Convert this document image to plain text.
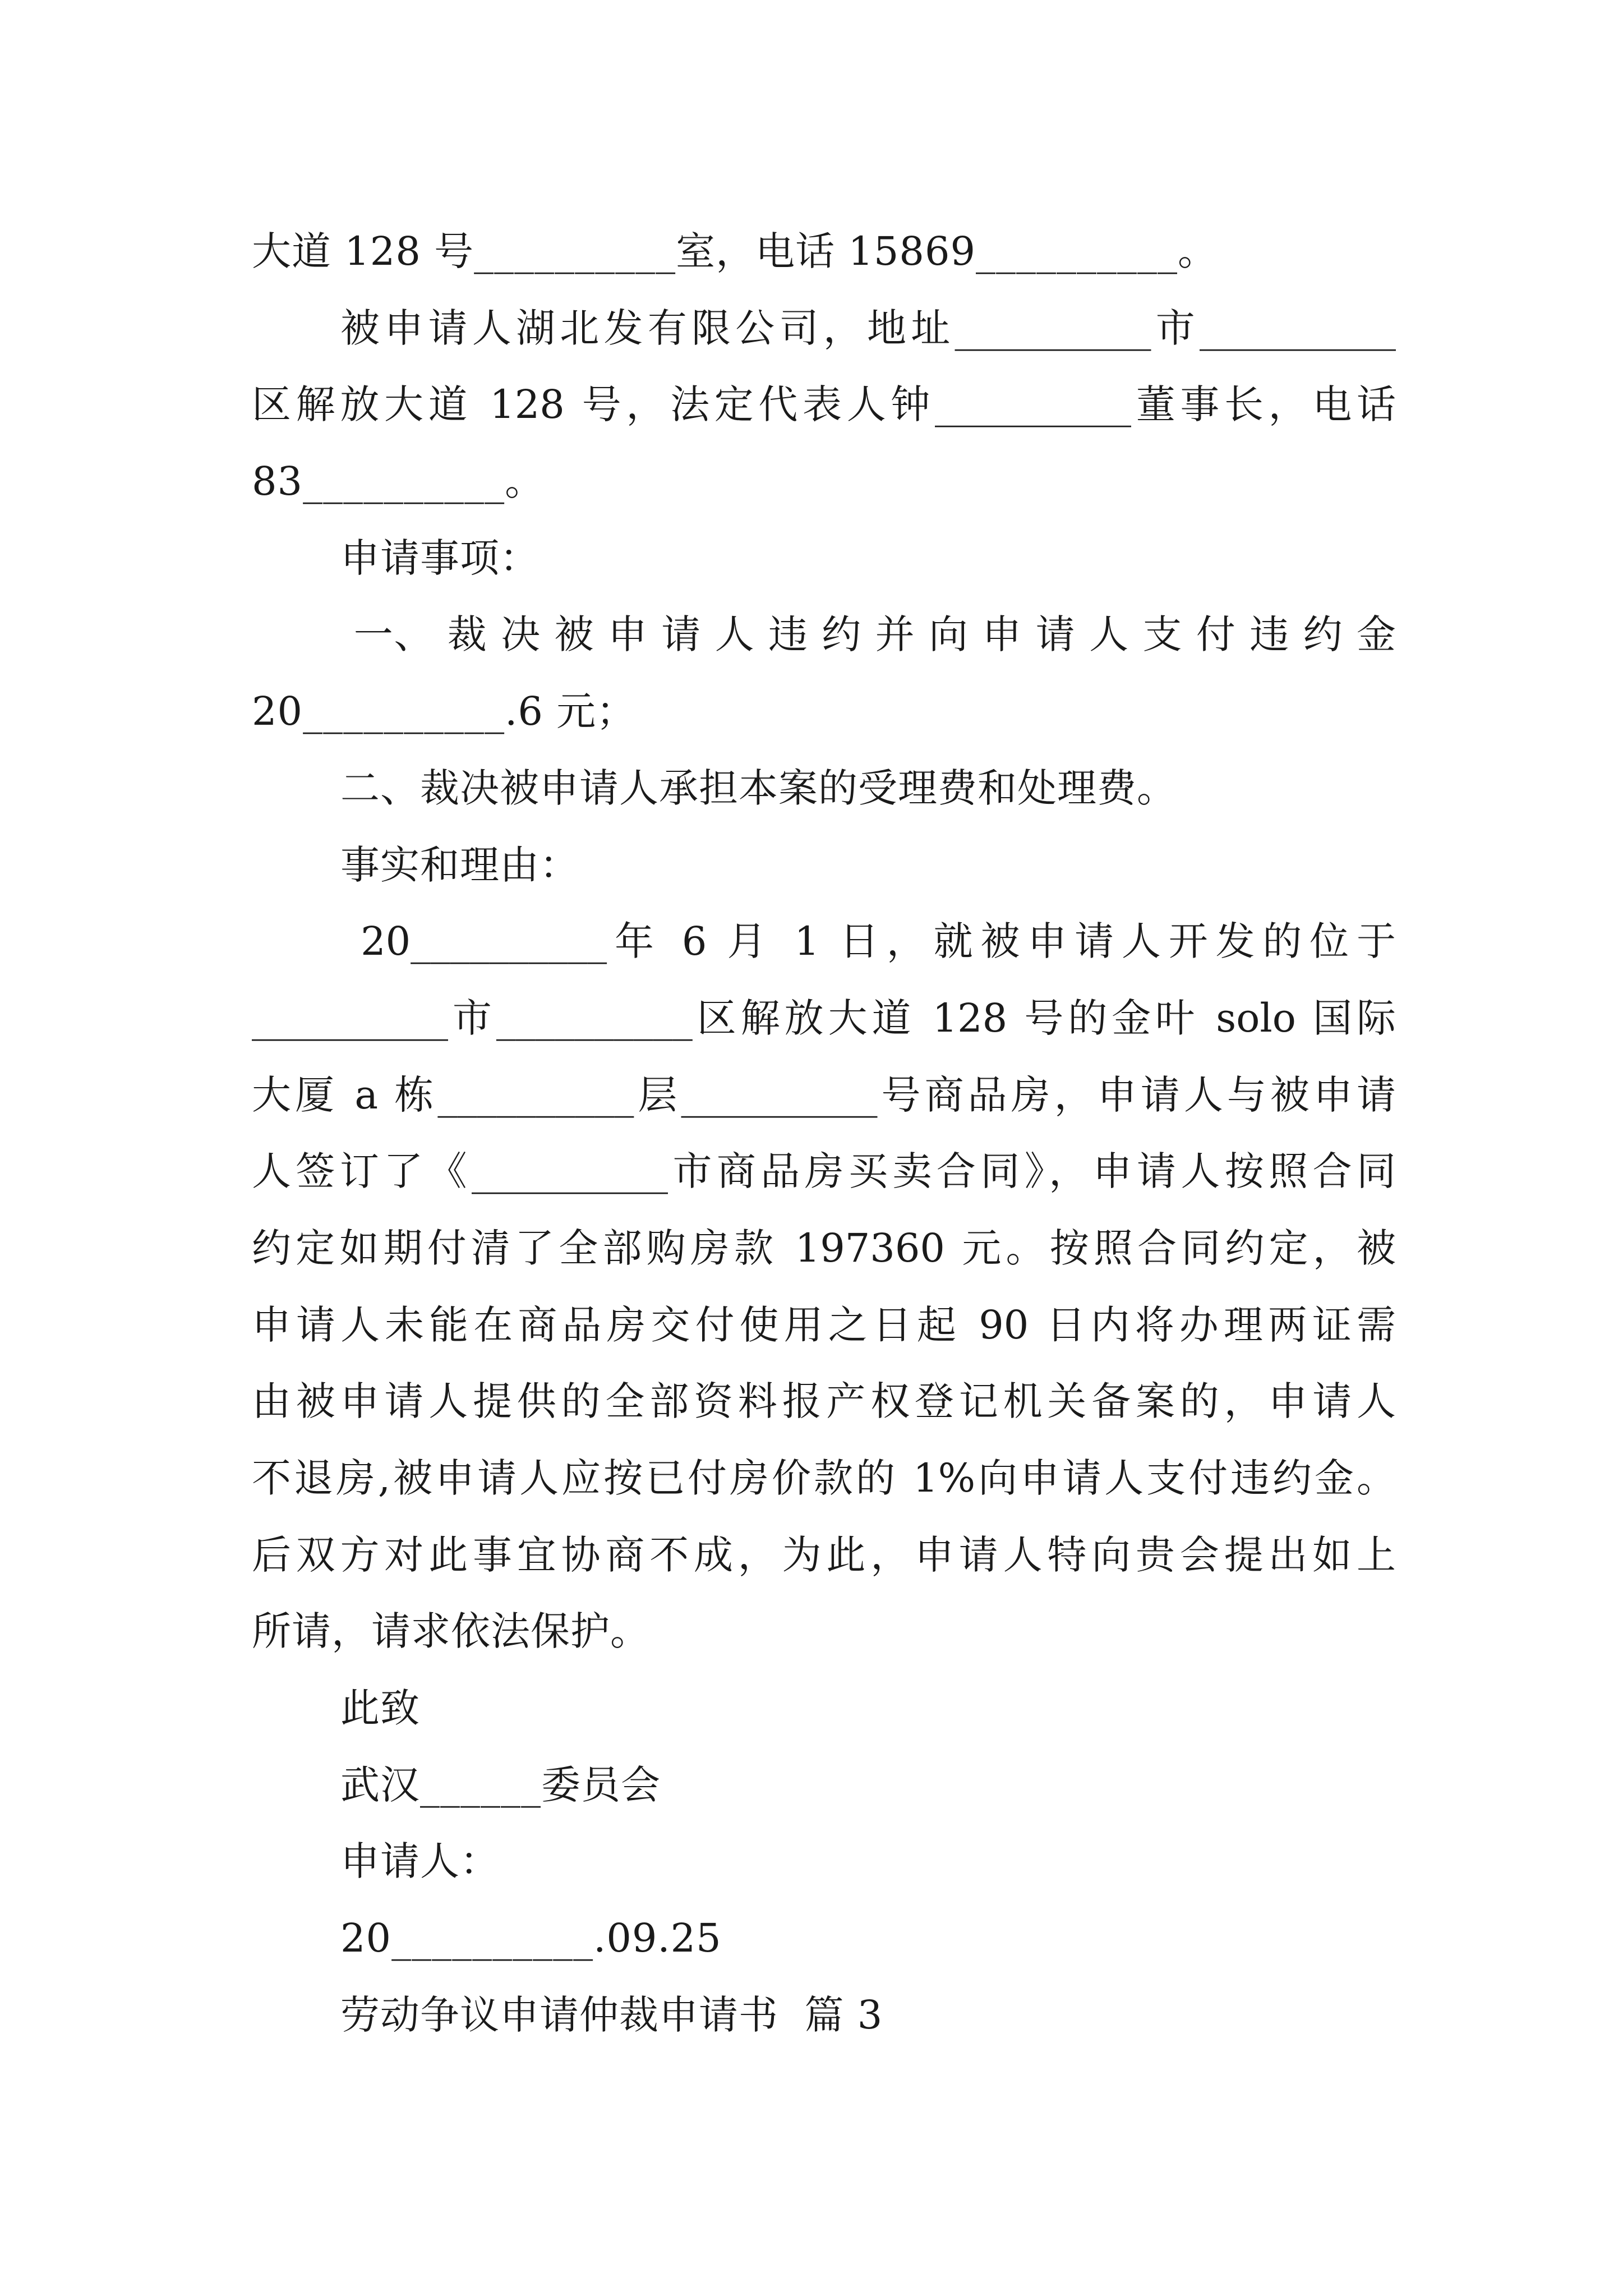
大道 128 号__________室，电话 15869__________。
被申请人湖北发有限公司，地址__________市__________
区解放大道 128 号，法定代表人钟__________董事长，电话
83__________。
申请事项：
一、 裁 决 被 申 请 人 违 约 并 向 申 请 人 支 付 违 约 金
20__________.6 元；
二、裁决被申请人承担本案的受理费和处理费。
事实和理由：
20__________年 6 月 1 日，就被申请人开发的位于
__________市__________区解放大道 128 号的金叶 solo 国际
大厦 a 栋__________层__________号商品房，申请人与被申请
人签订了《__________市商品房买卖合同》，申请人按照合同
约定如期付清了全部购房款 197360 元。按照合同约定，被
申请人未能在商品房交付使用之日起 90 日内将办理两证需
由被申请人提供的全部资料报产权登记机关备案的，申请人
不退房,被申请人应按已付房价款的 1%向申请人支付违约金。
后双方对此事宜协商不成，为此，申请人特向贵会提出如上
所请，请求依法保护。
此致
武汉______委员会
申请人：
20__________.09.25
劳动争议申请仲裁申请书  篇 3
